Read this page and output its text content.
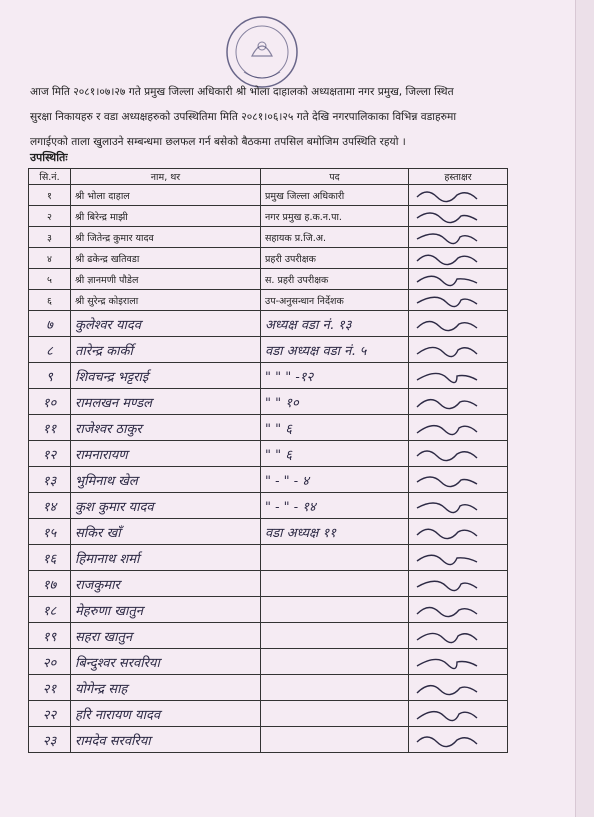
आज मिति २०८१।०७।२७ गते प्रमुख जिल्ला अधिकारी श्री भोला दाहालको अध्यक्षतामा नगर प्रमुख, जिल्ला स्थित
सुरक्षा निकायहरु र वडा अध्यक्षहरुको उपस्थितिमा मिति २०८१।०६।२५ गते देखि नगरपालिकाका विभिन्न वडाहरुमा
लगाईएको ताला खुलाउने सम्बन्धमा छलफल गर्न बसेको बैठकमा तपसिल बमोजिम उपस्थिति रहयो ।

उपस्थितिः
सि.नं.	नाम, थर	पद	हस्ताक्षर
१	श्री भोला दाहाल	प्रमुख जिल्ला अधिकारी	

२	श्री बिरेन्द्र माझी	नगर प्रमुख ह.क.न.पा.	

३	श्री जितेन्द्र कुमार यादव	सहायक प्र.जि.अ.	

४	श्री ढकेन्द्र खतिवडा	प्रहरी उपरीक्षक	

५	श्री ज्ञानमणी पौडेल	स. प्रहरी उपरीक्षक	

६	श्री सुरेन्द्र कोइराला	उप-अनुसन्धान निर्देशक	

७	कुलेश्वर यादव	अध्यक्ष वडा नं. १३	

८	तारेन्द्र कार्की	वडा अध्यक्ष वडा नं. ५	

९	शिवचन्द्र भट्टराई	" " " -१२	

१०	रामलखन मण्डल	" " १०	

११	राजेश्वर ठाकुर	" " ६	

१२	रामनारायण	" " ६	

१३	भुमिनाथ खेल	" - " - ४	

१४	कुश कुमार यादव	" - " - १४	

१५	सकिर खाँ	वडा अध्यक्ष ११	

१६	हिमानाथ शर्मा		

१७	राजकुमार		

१८	मेहरुणा खातुन		

१९	सहरा खातुन		

२०	बिन्दुश्वर सरवरिया		

२१	योगेन्द्र साह		

२२	हरि नारायण यादव		

२३	रामदेव सरवरिया		
